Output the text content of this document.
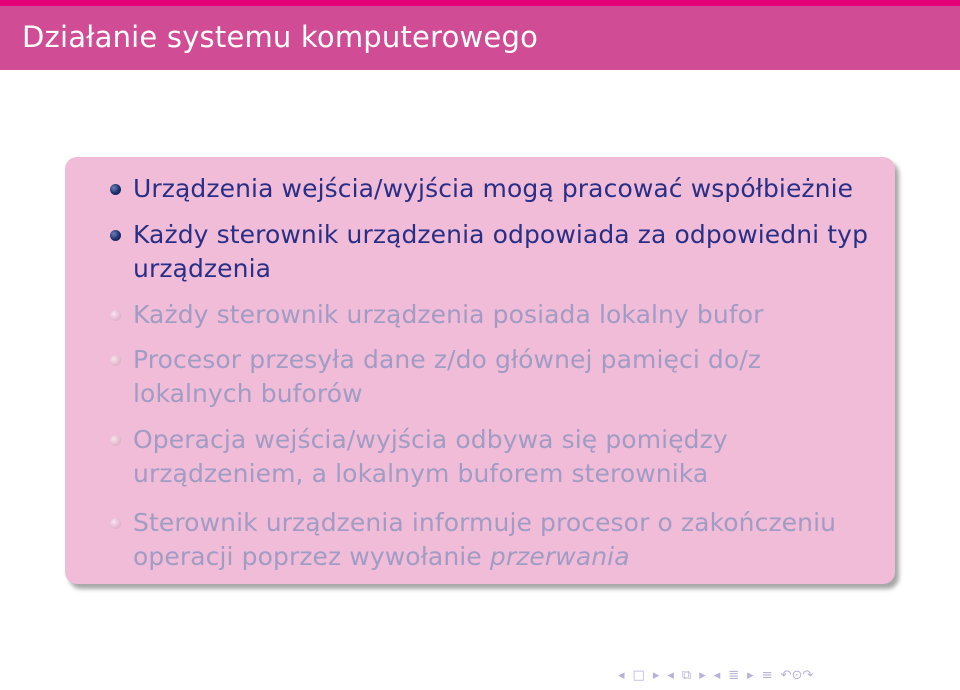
Działanie systemu komputerowego
Urządzenia wejścia/wyjścia mogą pracować współbieżnie
Każdy sterownik urządzenia odpowiada za odpowiedni typ urządzenia
Każdy sterownik urządzenia posiada lokalny bufor
Procesor przesyła dane z/do głównej pamięci do/z lokalnych buforów
Operacja wejścia/wyjścia odbywa się pomiędzy urządzeniem, a lokalnym buforem sterownika
Sterownik urządzenia informuje procesor o zakończeniu operacji poprzez wywołanie przerwania
◂ □ ▸ ◂ ⧉ ▸ ◂ ≣ ▸ ≡ ↶⊙↷
